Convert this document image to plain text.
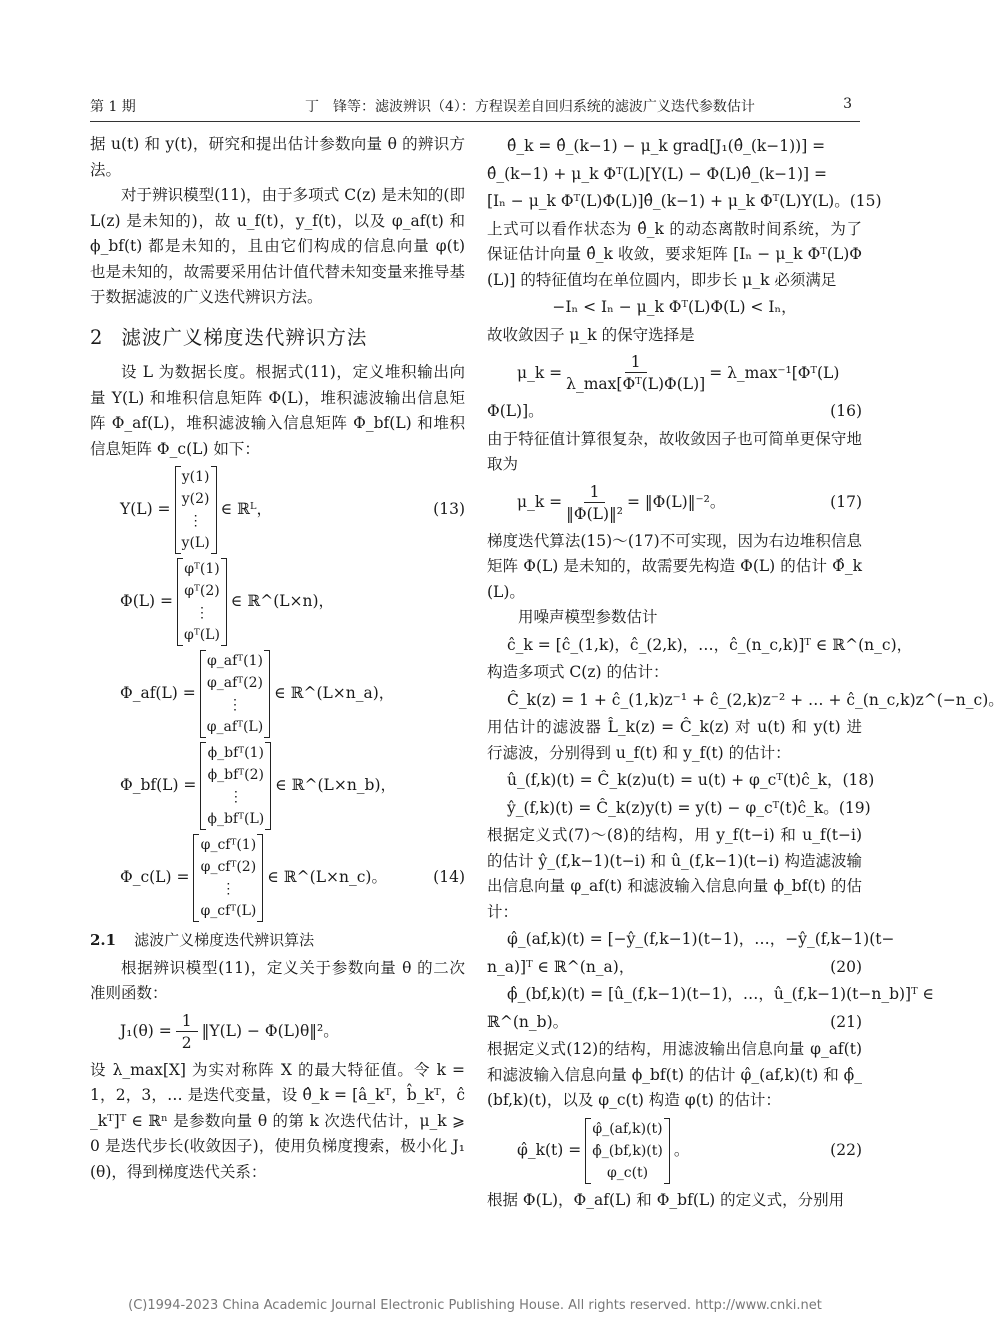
第 1 期	丁　锋等：滤波辨识（4）：方程误差自回归系统的滤波广义迭代参数估计	3

据 u(t) 和 y(t)，研究和提出估计参数向量 θ 的辨识方法。

对于辨识模型(11)，由于多项式 C(z) 是未知的(即 L(z) 是未知的)，故 u_f(t)，y_f(t)，以及 φ_af(t) 和 ϕ_bf(t) 都是未知的，且由它们构成的信息向量 φ(t) 也是未知的，故需要采用估计值代替未知变量来推导基于数据滤波的广义迭代辨识方法。

2 滤波广义梯度迭代辨识方法

设 L 为数据长度。根据式(11)，定义堆积输出向量 Y(L) 和堆积信息矩阵 Φ(L)，堆积滤波输出信息矩阵 Φ_af(L)，堆积滤波输入信息矩阵 Φ_bf(L) 和堆积信息矩阵 Φ_c(L) 如下：

Y(L) =
y(1)
y(2)
⋮
y(L)
∈ ℝᴸ，	(13)
Φ(L) =
φᵀ(1)
φᵀ(2)
⋮
φᵀ(L)
∈ ℝ^(L×n)，
Φ_af(L) =
φ_afᵀ(1)
φ_afᵀ(2)
⋮
φ_afᵀ(L)
∈ ℝ^(L×n_a)，
Φ_bf(L) =
ϕ_bfᵀ(1)
ϕ_bfᵀ(2)
⋮
ϕ_bfᵀ(L)
∈ ℝ^(L×n_b)，
Φ_c(L) =
φ_cfᵀ(1)
φ_cfᵀ(2)
⋮
φ_cfᵀ(L)
∈ ℝ^(L×n_c)。	(14)
2.1 滤波广义梯度迭代辨识算法

根据辨识模型(11)，定义关于参数向量 θ 的二次准则函数：

$J_1(\theta) = \frac{1}{2}$ ‖Y(L) − Φ(L)θ‖²。

设 λ_max[X] 为实对称阵 X 的最大特征值。令 k = 1，2，3，… 是迭代变量，设 θ̂_k = [â_kᵀ，b̂_kᵀ，ĉ_kᵀ]ᵀ ∈ ℝⁿ 是参数向量 θ 的第 k 次迭代估计，μ_k ⩾ 0 是迭代步长(收敛因子)，使用负梯度搜索，极小化 J₁(θ)，得到梯度迭代关系：

θ̂_k = θ̂_(k−1) − μ_k grad[J₁(θ̂_(k−1))] =
θ̂_(k−1) + μ_k Φᵀ(L)[Y(L) − Φ(L)θ̂_(k−1)] =
[Iₙ − μ_k Φᵀ(L)Φ(L)]θ̂_(k−1) + μ_k Φᵀ(L)Y(L)。 (15)

上式可以看作状态为 θ̂_k 的动态离散时间系统，为了保证估计向量 θ̂_k 收敛，要求矩阵 [Iₙ − μ_k Φᵀ(L)Φ(L)] 的特征值均在单位圆内，即步长 μ_k 必须满足

−Iₙ < Iₙ − μ_k Φᵀ(L)Φ(L) < Iₙ，

故收敛因子 μ_k 的保守选择是

μ_k = $\frac{1}{\text{λ\_max[Φᵀ(L)Φ(L)]}}$ = λ_max⁻¹[Φᵀ(L)
Φ(L)]。	(16)

由于特征值计算很复杂，故收敛因子也可简单更保守地取为

μ_k = $\frac{1}{\text{‖Φ(L)‖²}}$ = ‖Φ(L)‖⁻²。	(17)

梯度迭代算法(15)～(17)不可实现，因为右边堆积信息矩阵 Φ(L) 是未知的，故需要先构造 Φ(L) 的估计 Φ̂_k(L)。

用噪声模型参数估计

ĉ_k = [ĉ_(1,k)，ĉ_(2,k)，…，ĉ_(n_c,k)]ᵀ ∈ ℝ^(n_c)，

构造多项式 C(z) 的估计：

Ĉ_k(z) = 1 + ĉ_(1,k)z⁻¹ + ĉ_(2,k)z⁻² + … + ĉ_(n_c,k)z^(−n_c)。

用估计的滤波器 L̂_k(z) = Ĉ_k(z) 对 u(t) 和 y(t) 进行滤波，分别得到 u_f(t) 和 y_f(t) 的估计：

û_(f,k)(t) = Ĉ_k(z)u(t) = u(t) + φ_cᵀ(t)ĉ_k， (18)
ŷ_(f,k)(t) = Ĉ_k(z)y(t) = y(t) − φ_cᵀ(t)ĉ_k。 (19)

根据定义式(7)～(8)的结构，用 y_f(t−i) 和 u_f(t−i) 的估计 ŷ_(f,k−1)(t−i) 和 û_(f,k−1)(t−i) 构造滤波输出信息向量 φ_af(t) 和滤波输入信息向量 ϕ_bf(t) 的估计：

φ̂_(af,k)(t) = [−ŷ_(f,k−1)(t−1)，…，−ŷ_(f,k−1)(t−
n_a)]ᵀ ∈ ℝ^(n_a)，	(20)
ϕ̂_(bf,k)(t) = [û_(f,k−1)(t−1)，…，û_(f,k−1)(t−n_b)]ᵀ ∈
ℝ^(n_b)。	(21)

根据定义式(12)的结构，用滤波输出信息向量 φ_af(t) 和滤波输入信息向量 ϕ_bf(t) 的估计 φ̂_(af,k)(t) 和 ϕ̂_(bf,k)(t)，以及 φ_c(t) 构造 φ(t) 的估计：

φ̂_k(t) =
φ̂_(af,k)(t)
ϕ̂_(bf,k)(t)
φ_c(t)
。	(22)

根据 Φ(L)，Φ_af(L) 和 Φ_bf(L) 的定义式，分别用

(C)1994-2023 China Academic Journal Electronic Publishing House. All rights reserved. http://www.cnki.net
